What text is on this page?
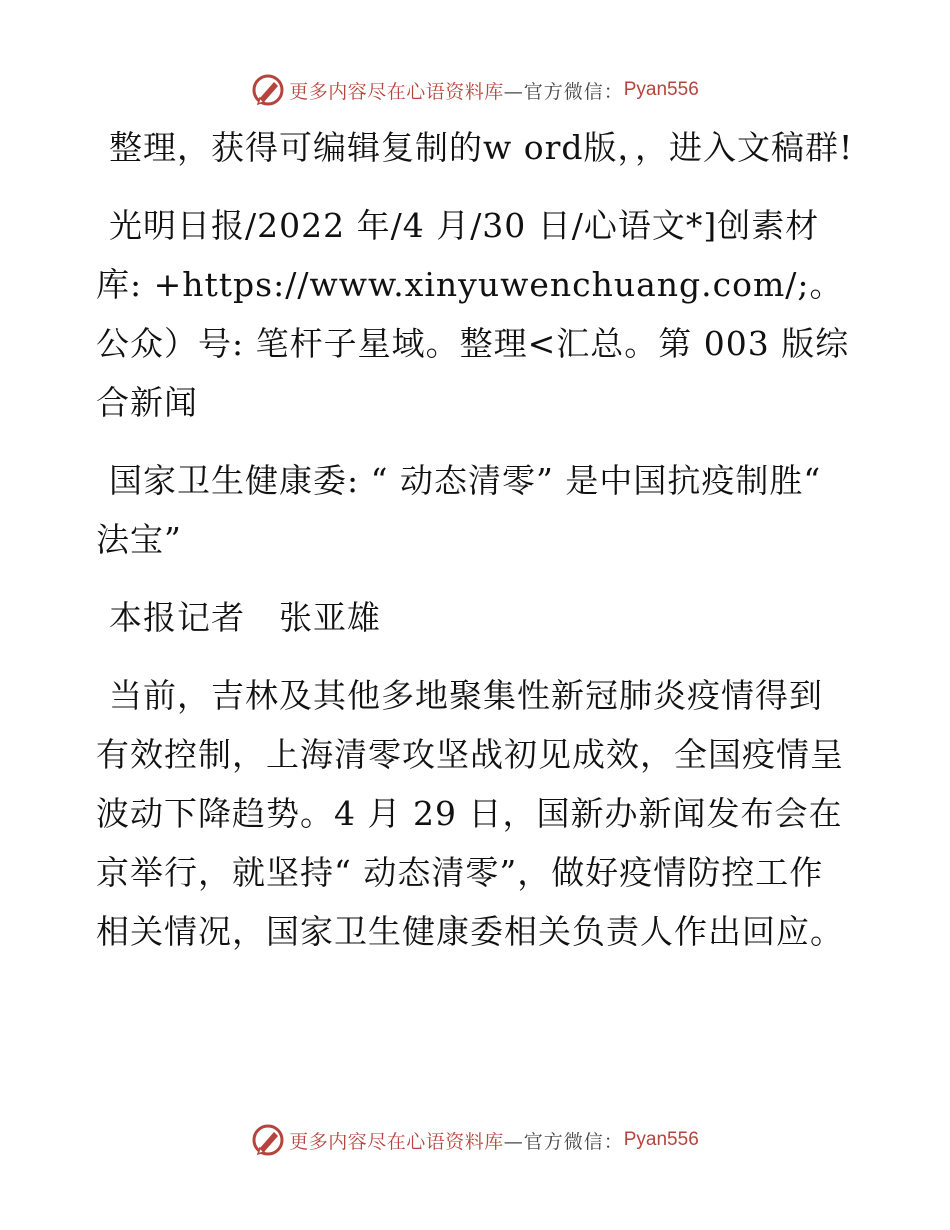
更多内容尽在心语资料库 —官方微信： Pyan556

整理，获得可编辑复制的w ord版，，进入文稿群!

光明日报/2022 年/4 月/30 日/心语文*]创素材库: +https://www.xinyuwenchuang.com/;。公众）号: 笔杆子星域。整理<汇总。第 003 版综合新闻

国家卫生健康委: “ 动态清零” 是中国抗疫制胜“ 法宝”

本报记者　张亚雄

当前，吉林及其他多地聚集性新冠肺炎疫情得到有效控制，上海清零攻坚战初见成效，全国疫情呈波动下降趋势。4 月 29 日，国新办新闻发布会在京举行，就坚持“ 动态清零”，做好疫情防控工作相关情况，国家卫生健康委相关负责人作出回应。

更多内容尽在心语资料库 —官方微信： Pyan556
